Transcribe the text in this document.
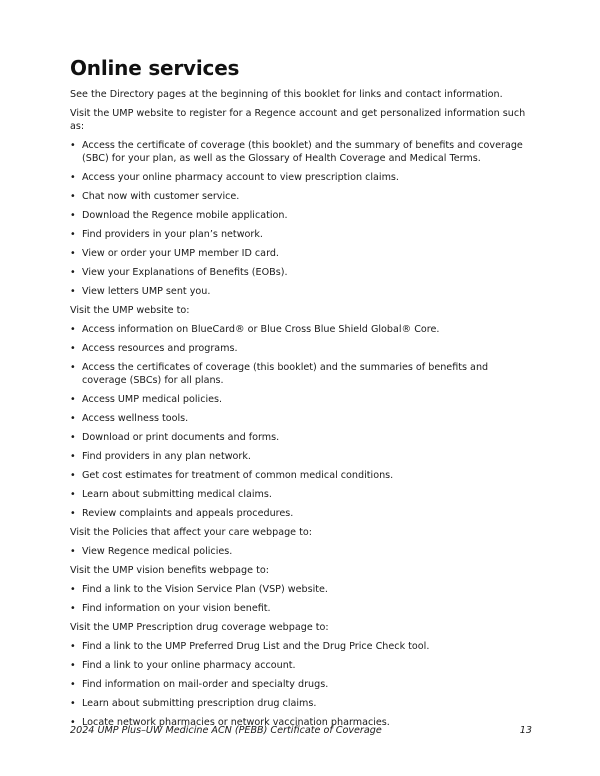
Online services

See the Directory pages at the beginning of this booklet for links and contact information.

Visit the UMP website to register for a Regence account and get personalized information such as:

• Access the certificate of coverage (this booklet) and the summary of benefits and coverage (SBC) for your plan, as well as the Glossary of Health Coverage and Medical Terms.
• Access your online pharmacy account to view prescription claims.
• Chat now with customer service.
• Download the Regence mobile application.
• Find providers in your plan’s network.
• View or order your UMP member ID card.
• View your Explanations of Benefits (EOBs).
• View letters UMP sent you.

Visit the UMP website to:

• Access information on BlueCard® or Blue Cross Blue Shield Global® Core.
• Access resources and programs.
• Access the certificates of coverage (this booklet) and the summaries of benefits and coverage (SBCs) for all plans.
• Access UMP medical policies.
• Access wellness tools.
• Download or print documents and forms.
• Find providers in any plan network.
• Get cost estimates for treatment of common medical conditions.
• Learn about submitting medical claims.
• Review complaints and appeals procedures.

Visit the Policies that affect your care webpage to:

• View Regence medical policies.

Visit the UMP vision benefits webpage to:

• Find a link to the Vision Service Plan (VSP) website.
• Find information on your vision benefit.

Visit the UMP Prescription drug coverage webpage to:

• Find a link to the UMP Preferred Drug List and the Drug Price Check tool.
• Find a link to your online pharmacy account.
• Find information on mail-order and specialty drugs.
• Learn about submitting prescription drug claims.
• Locate network pharmacies or network vaccination pharmacies.
2024 UMP Plus–UW Medicine ACN (PEBB) Certificate of Coverage	13
